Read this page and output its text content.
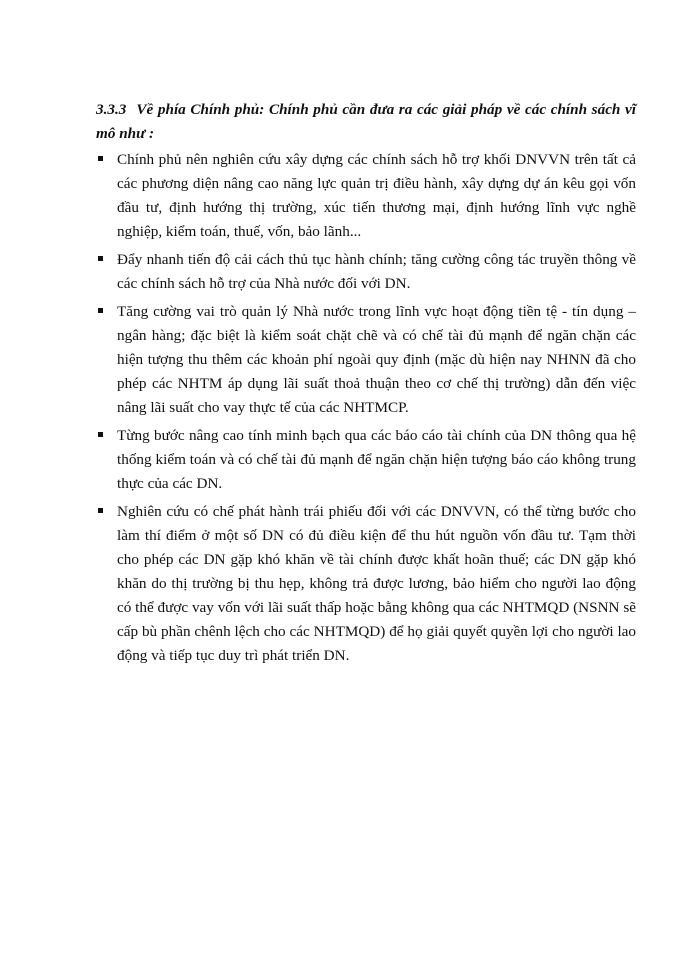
3.3.3 Về phía Chính phủ: Chính phủ cần đưa ra các giải pháp về các chính sách vĩ mô như :

Chính phủ nên nghiên cứu xây dựng các chính sách hỗ trợ khối DNVVN trên tất cả các phương diện nâng cao năng lực quản trị điều hành, xây dựng dự án kêu gọi vốn đầu tư, định hướng thị trường, xúc tiến thương mại, định hướng lĩnh vực nghề nghiệp, kiểm toán, thuế, vốn, bảo lãnh...
Đẩy nhanh tiến độ cải cách thủ tục hành chính; tăng cường công tác truyền thông về các chính sách hỗ trợ của Nhà nước đối với DN.
Tăng cường vai trò quản lý Nhà nước trong lĩnh vực hoạt động tiền tệ - tín dụng – ngân hàng; đặc biệt là kiểm soát chặt chẽ và có chế tài đủ mạnh để ngăn chặn các hiện tượng thu thêm các khoản phí ngoài quy định (mặc dù hiện nay NHNN đã cho phép các NHTM áp dụng lãi suất thoả thuận theo cơ chế thị trường) dẫn đến việc nâng lãi suất cho vay thực tế của các NHTMCP.
Từng bước nâng cao tính minh bạch qua các báo cáo tài chính của DN thông qua hệ thống kiểm toán và có chế tài đủ mạnh để ngăn chặn hiện tượng báo cáo không trung thực của các DN.
Nghiên cứu có chế phát hành trái phiếu đối với các DNVVN, có thể từng bước cho làm thí điểm ở một số DN có đủ điều kiện để thu hút nguồn vốn đầu tư. Tạm thời cho phép các DN gặp khó khăn về tài chính được khất hoãn thuế; các DN gặp khó khăn do thị trường bị thu hẹp, không trả được lương, bảo hiểm cho người lao động có thể được vay vốn với lãi suất thấp hoặc bằng không qua các NHTMQD (NSNN sẽ cấp bù phần chênh lệch cho các NHTMQD) để họ giải quyết quyền lợi cho người lao động và tiếp tục duy trì phát triển DN.
